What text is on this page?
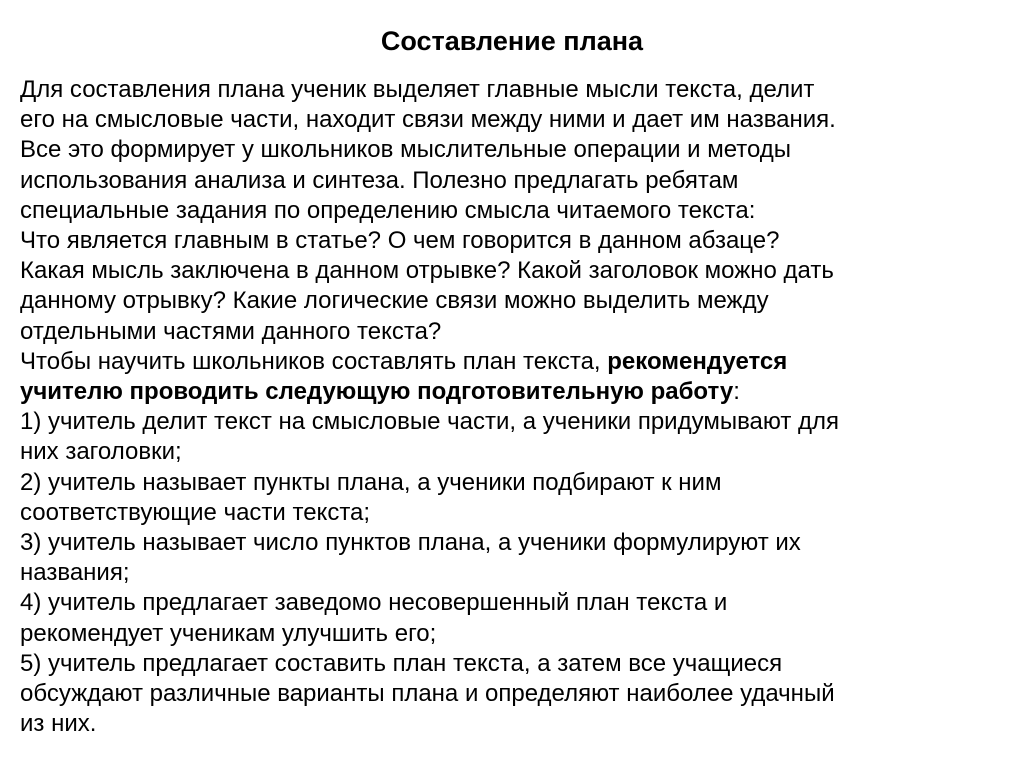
Составление плана
Для составления плана ученик выделяет главные мысли текста, делит
его на смысловые части, находит связи между ними и дает им названия.
Все это формирует у школьников мыслительные операции и методы
использования анализа и синтеза. Полезно предлагать ребятам
специальные задания по определению смысла читаемого текста:
Что является главным в статье? О чем говорится в данном абзаце?
Какая мысль заключена в данном отрывке? Какой заголовок можно дать
данному отрывку? Какие логические связи можно выделить между
отдельными частями данного текста?
Чтобы научить школьников составлять план текста, рекомендуется
учителю проводить следующую подготовительную работу:
1) учитель делит текст на смысловые части, а ученики придумывают для
них заголовки;
2) учитель называет пункты плана, а ученики подбирают к ним
соответствующие части текста;
3) учитель называет число пунктов плана, а ученики формулируют их
названия;
4) учитель предлагает заведомо несовершенный план текста и
рекомендует ученикам улучшить его;
5) учитель предлагает составить план текста, а затем все учащиеся
обсуждают различные варианты плана и определяют наиболее удачный
из них.
